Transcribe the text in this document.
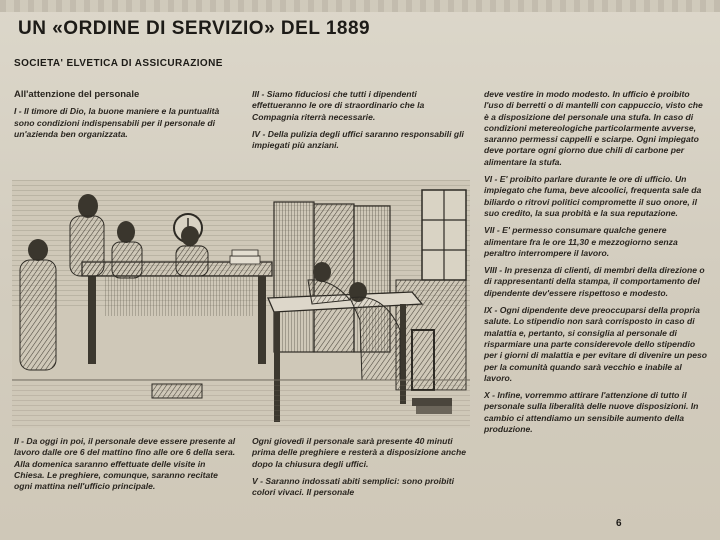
UN «ORDINE DI SERVIZIO» DEL 1889
SOCIETA' ELVETICA DI ASSICURAZIONE

All'attenzione del personale

I - Il timore di Dio, la buone maniere e la puntualità sono condizioni indispensabili per il personale di un'azienda ben organizzata.

III - Siamo fiduciosi che tutti i dipendenti effettueranno le ore di straordinario che la Compagnia riterrà necessarie.

IV - Della pulizia degli uffici saranno responsabili gli impiegati più anziani.

deve vestire in modo modesto. In ufficio è proibito l'uso di berretti o di mantelli con cappuccio, visto che è a disposizione del personale una stufa. In caso di condizioni metereologiche particolarmente avverse, saranno permessi cappelli e sciarpe. Ogni impiegato deve portare ogni giorno due chili di carbone per alimentare la stufa.

VI - E' proibito parlare durante le ore di ufficio. Un impiegato che fuma, beve alcoolici, frequenta sale da biliardo o ritrovi politici compromette il suo onore, il suo credito, la sua probità e la sua reputazione.

VII - E' permesso consumare qualche genere alimentare fra le ore 11,30 e mezzogiorno senza peraltro interrompere il lavoro.

VIII - In presenza di clienti, di membri della direzione o di rappresentanti della stampa, il comportamento del dipendente dev'essere rispettoso e modesto.

IX - Ogni dipendente deve preoccuparsi della propria salute. Lo stipendio non sarà corrisposto in caso di malattia e, pertanto, si consiglia al personale di risparmiare una parte considerevole dello stipendio per i giorni di malattia e per evitare di divenire un peso per la comunità quando sarà vecchio e inabile al lavoro.

X - Infine, vorremmo attirare l'attenzione di tutto il personale sulla liberalità delle nuove disposizioni. In cambio ci attendiamo un sensibile aumento della produzione.

II - Da oggi in poi, il personale deve essere presente al lavoro dalle ore 6 del mattino fino alle ore 6 della sera. Alla domenica saranno effettuate delle visite in Chiesa. Le preghiere, comunque, saranno recitate ogni mattina nell'ufficio principale.

Ogni giovedì il personale sarà presente 40 minuti prima delle preghiere e resterà a disposizione anche dopo la chiusura degli uffici.

V - Saranno indossati abiti semplici: sono proibiti colori vivaci. Il personale

6
